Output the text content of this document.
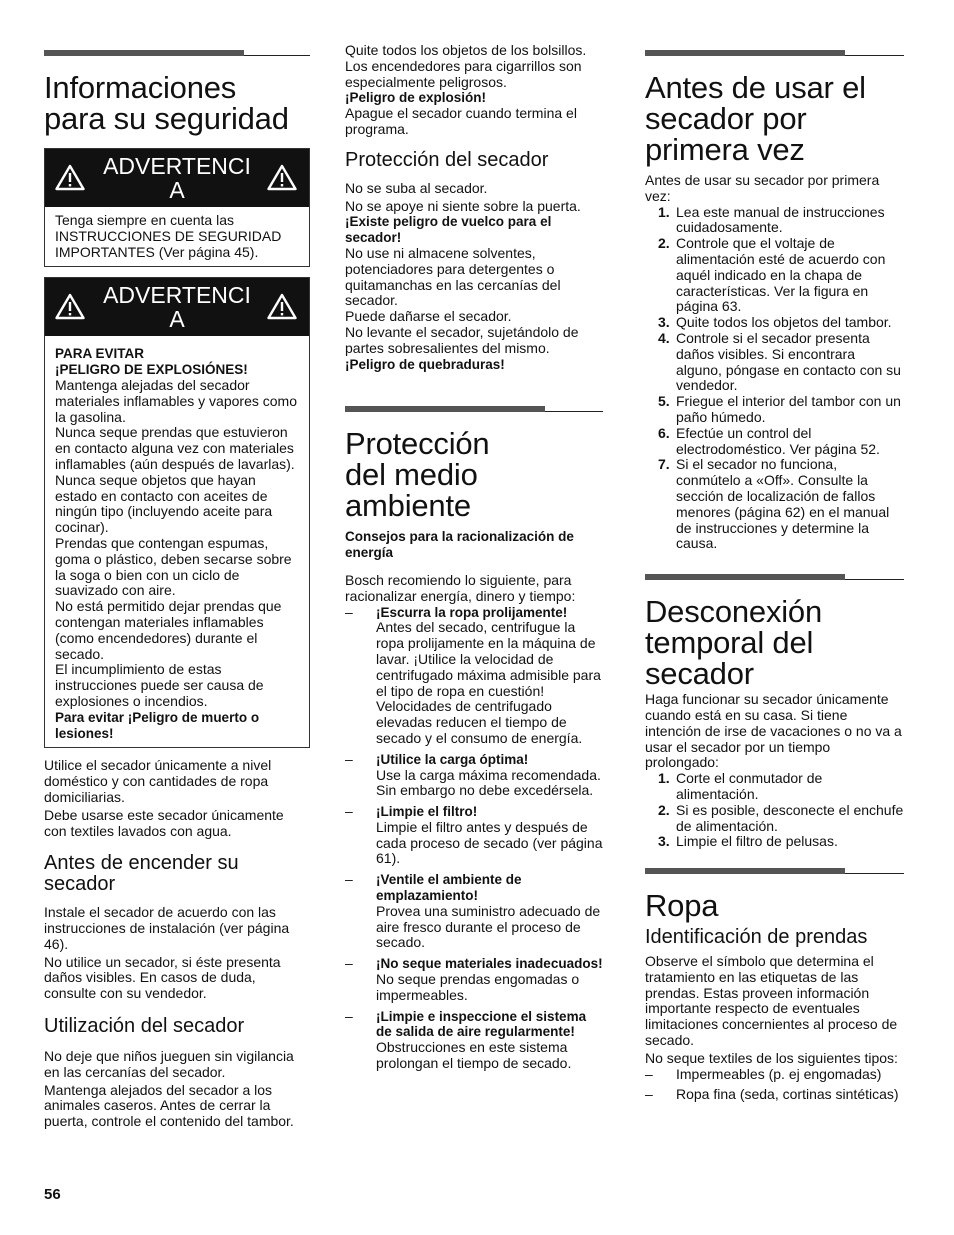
Informaciones
para su seguridad
ADVERTENCI
A

Tenga siempre en cuenta las INSTRUCCIONES DE SEGURIDAD IMPORTANTES (Ver página 45).

ADVERTENCI
A

PARA EVITAR
¡PELIGRO DE EXPLOSIÓNES!

Mantenga alejadas del secador materiales inflamables y vapores como la gasolina.

Nunca seque prendas que estuvieron en contacto alguna vez con materiales inflamables (aún después de lavarlas).

Nunca seque objetos que hayan estado en contacto con aceites de ningún tipo (incluyendo aceite para cocinar).

Prendas que contengan espumas, goma o plástico, deben secarse sobre la soga o bien con un ciclo de suavizado con aire.

No está permitido dejar prendas que contengan materiales inflamables (como encendedores) durante el secado.

El incumplimiento de estas instrucciones puede ser causa de explosiones o incendios.

Para evitar ¡Peligro de muerto o lesiones!

Utilice el secador únicamente a nivel doméstico y con cantidades de ropa domiciliarias.

Debe usarse este secador únicamente con textiles lavados con agua.

Antes de encender su secador

Instale el secador de acuerdo con las instrucciones de instalación (ver página 46).

No utilice un secador, si éste presenta daños visibles. En casos de duda, consulte con su vendedor.

Utilización del secador

No deje que niños jueguen sin vigilancia en las cercanías del secador.

Mantenga alejados del secador a los animales caseros. Antes de cerrar la puerta, controle el contenido del tambor.

Quite todos los objetos de los bolsillos. Los encendedores para cigarrillos son especialmente peligrosos.

¡Peligro de explosión!

Apague el secador cuando termina el programa.

Protección del secador

No se suba al secador.

No se apoye ni siente sobre la puerta.

¡Existe peligro de vuelco para el secador!

No use ni almacene solventes, potenciadores para detergentes o quitamanchas en las cercanías del secador.

Puede dañarse el secador.

No levante el secador, sujetándolo de partes sobresalientes del mismo.

¡Peligro de quebraduras!

Protección
del medio
ambiente

Consejos para la racionalización de energía

Bosch recomiendo lo siguiente, para racionalizar energía, dinero y tiempo:

– ¡Escurra la ropa prolijamente!

Antes del secado, centrifugue la ropa prolijamente en la máquina de lavar. ¡Utilice la velocidad de centrifugado máxima admisible para el tipo de ropa en cuestión! Velocidades de centrifugado elevadas reducen el tiempo de secado y el consumo de energía.

– ¡Utilice la carga óptima!

Use la carga máxima recomendada. Sin embargo no debe excedérsela.

– ¡Limpie el filtro!

Limpie el filtro antes y después de cada proceso de secado (ver página 61).

– ¡Ventile el ambiente de emplazamiento!

Provea una suministro adecuado de aire fresco durante el proceso de secado.

– ¡No seque materiales inadecuados!

No seque prendas engomadas o impermeables.

– ¡Limpie e inspeccione el sistema de salida de aire regularmente!

Obstrucciones en este sistema prolongan el tiempo de secado.

Antes de usar el
secador por
primera vez

Antes de usar su secador por primera vez:

1. Lea este manual de instrucciones cuidadosamente.
2. Controle que el voltaje de alimentación esté de acuerdo con aquél indicado en la chapa de características. Ver la figura en página 63.
3. Quite todos los objetos del tambor.
4. Controle si el secador presenta daños visibles. Si encontrara alguno, póngase en contacto con su vendedor.
5. Friegue el interior del tambor con un paño húmedo.
6. Efectúe un control del electrodoméstico. Ver página 52.
7. Si el secador no funciona, conmútelo a «Off». Consulte la sección de localización de fallos menores (página 62) en el manual de instrucciones y determine la causa.
Desconexión
temporal del
secador

Haga funcionar su secador únicamente cuando está en su casa. Si tiene intención de irse de vacaciones o no va a usar el secador por un tiempo prolongado:

1. Corte el conmutador de alimentación.
2. Si es posible, desconecte el enchufe de alimentación.
3. Limpie el filtro de pelusas.
Ropa
Identificación de prendas

Observe el símbolo que determina el tratamiento en las etiquetas de las prendas. Estas proveen información importante respecto de eventuales limitaciones concernientes al proceso de secado.

No seque textiles de los siguientes tipos:

– Impermeables (p. ej engomadas)
– Ropa fina (seda, cortinas sintéticas)
56
